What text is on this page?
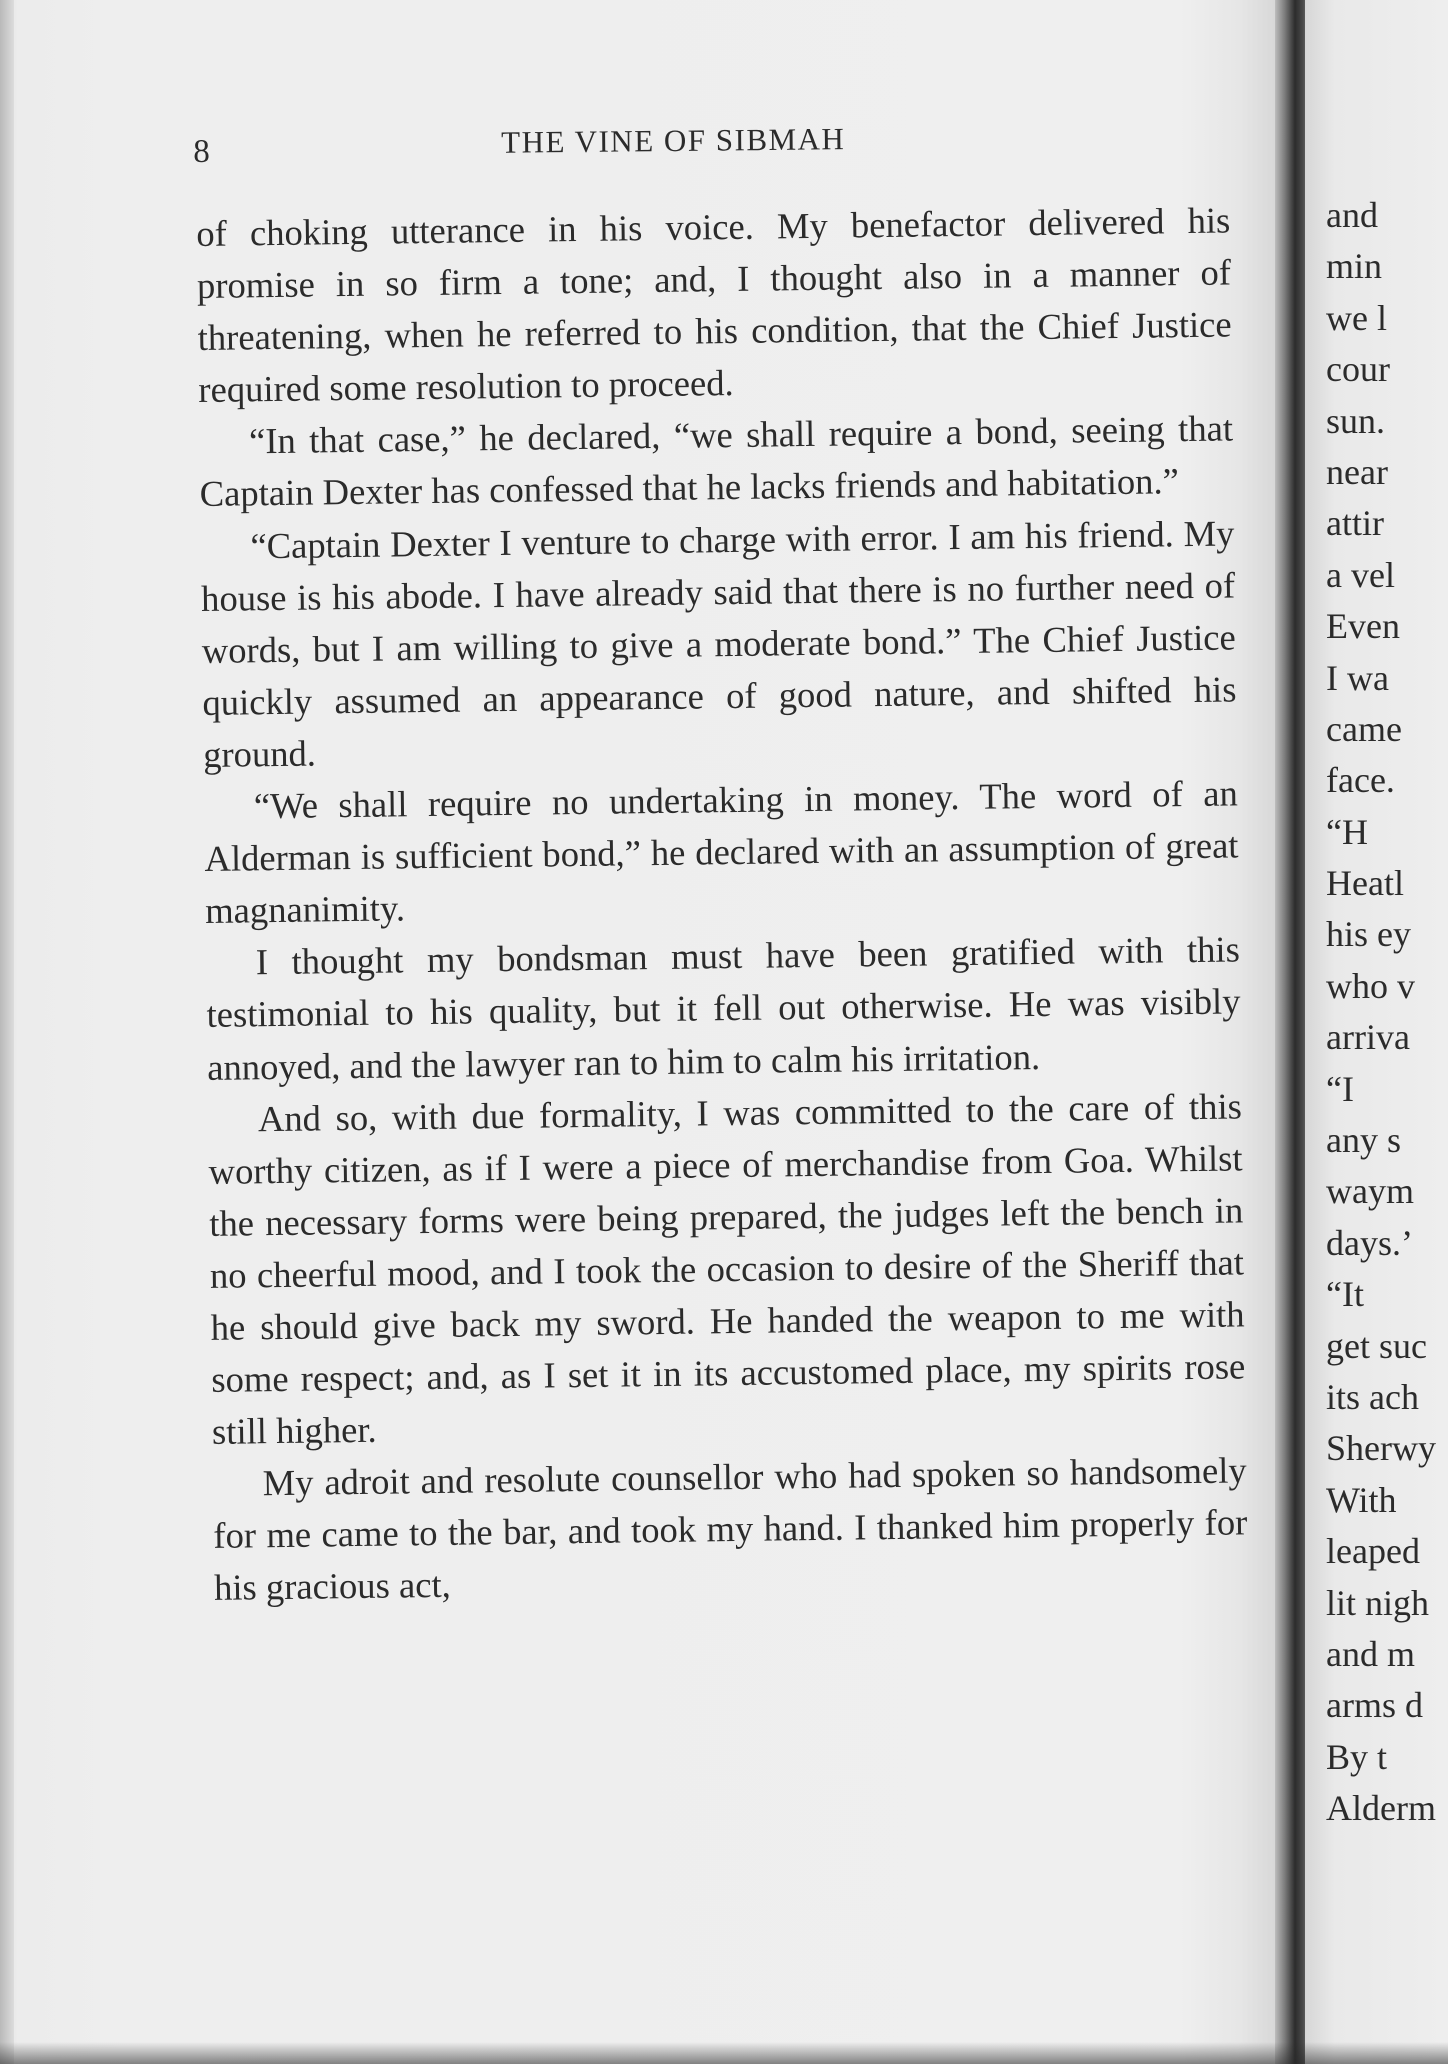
8	THE VINE OF SIBMAH

of choking utterance in his voice. My benefactor delivered his promise in so firm a tone; and, I thought also in a manner of threatening, when he referred to his condition, that the Chief Justice required some resolution to proceed.

“In that case,” he declared, “we shall require a bond, seeing that Captain Dexter has confessed that he lacks friends and habitation.”

“Captain Dexter I venture to charge with error. I am his friend. My house is his abode. I have already said that there is no further need of words, but I am willing to give a moderate bond.” The Chief Justice quickly assumed an appearance of good nature, and shifted his ground.

“We shall require no undertaking in money. The word of an Alderman is sufficient bond,” he declared with an assumption of great magnanimity.

I thought my bondsman must have been gratified with this testimonial to his quality, but it fell out otherwise. He was visibly annoyed, and the lawyer ran to him to calm his irritation.

And so, with due formality, I was committed to the care of this worthy citizen, as if I were a piece of merchandise from Goa. Whilst the necessary forms were being prepared, the judges left the bench in no cheerful mood, and I took the occasion to desire of the Sheriff that he should give back my sword. He handed the weapon to me with some respect; and, as I set it in its accustomed place, my spirits rose still higher.

My adroit and resolute counsellor who had spoken so handsomely for me came to the bar, and took my hand. I thanked him properly for his gracious act,

and
min
we l
cour
sun.
near
attir
a vel
Even
I wa
came
face.
“H
Heatl
his ey
who v
arriva
“I
any s
waym
days.’
“It
get suc
its ach
Sherwy
With
leaped
lit nigh
and m
arms d
By t
Alderm
